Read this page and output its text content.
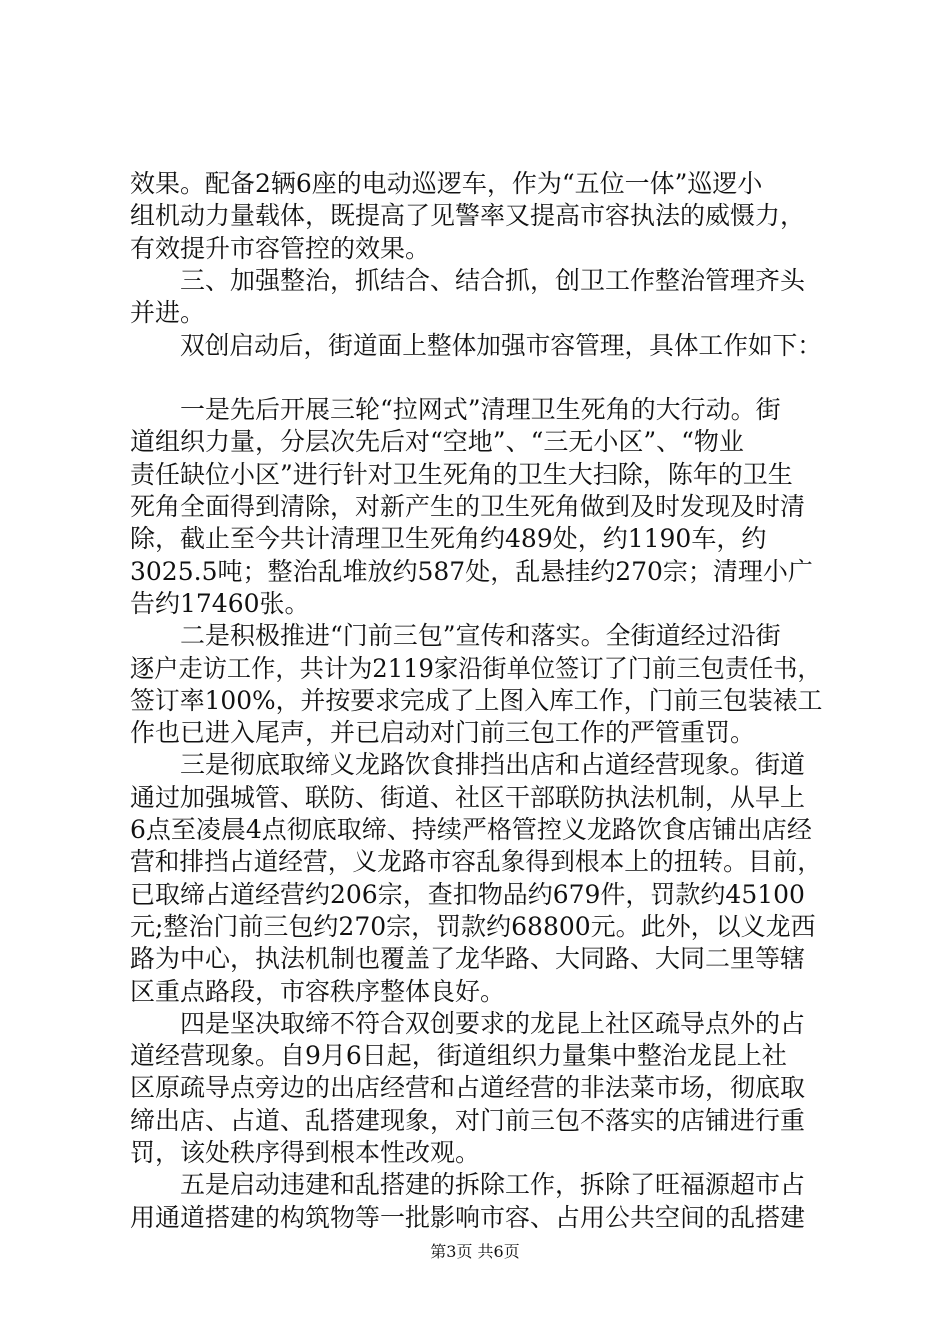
效果。配备2辆6座的电动巡逻车，作为“五位一体”巡逻小
组机动力量载体，既提高了见警率又提高市容执法的威慑力，
有效提升市容管控的效果。
三、加强整治，抓结合、结合抓，创卫工作整治管理齐头
并进。
双创启动后，街道面上整体加强市容管理，具体工作如下：
一是先后开展三轮“拉网式”清理卫生死角的大行动。街
道组织力量，分层次先后对“空地”、“三无小区”、“物业
责任缺位小区”进行针对卫生死角的卫生大扫除，陈年的卫生
死角全面得到清除，对新产生的卫生死角做到及时发现及时清
除，截止至今共计清理卫生死角约489处，约1190车，约
3025.5吨；整治乱堆放约587处，乱悬挂约270宗；清理小广
告约17460张。
二是积极推进“门前三包”宣传和落实。全街道经过沿街
逐户走访工作，共计为2119家沿街单位签订了门前三包责任书，
签订率100%，并按要求完成了上图入库工作，门前三包装裱工
作也已进入尾声，并已启动对门前三包工作的严管重罚。
三是彻底取缔义龙路饮食排挡出店和占道经营现象。街道
通过加强城管、联防、街道、社区干部联防执法机制，从早上
6点至凌晨4点彻底取缔、持续严格管控义龙路饮食店铺出店经
营和排挡占道经营，义龙路市容乱象得到根本上的扭转。目前，
已取缔占道经营约206宗，查扣物品约679件，罚款约45100
元;整治门前三包约270宗，罚款约68800元。此外，以义龙西
路为中心，执法机制也覆盖了龙华路、大同路、大同二里等辖
区重点路段，市容秩序整体良好。
四是坚决取缔不符合双创要求的龙昆上社区疏导点外的占
道经营现象。自9月6日起，街道组织力量集中整治龙昆上社
区原疏导点旁边的出店经营和占道经营的非法菜市场，彻底取
缔出店、占道、乱搭建现象，对门前三包不落实的店铺进行重
罚，该处秩序得到根本性改观。
五是启动违建和乱搭建的拆除工作，拆除了旺福源超市占
用通道搭建的构筑物等一批影响市容、占用公共空间的乱搭建
第3页 共6页
